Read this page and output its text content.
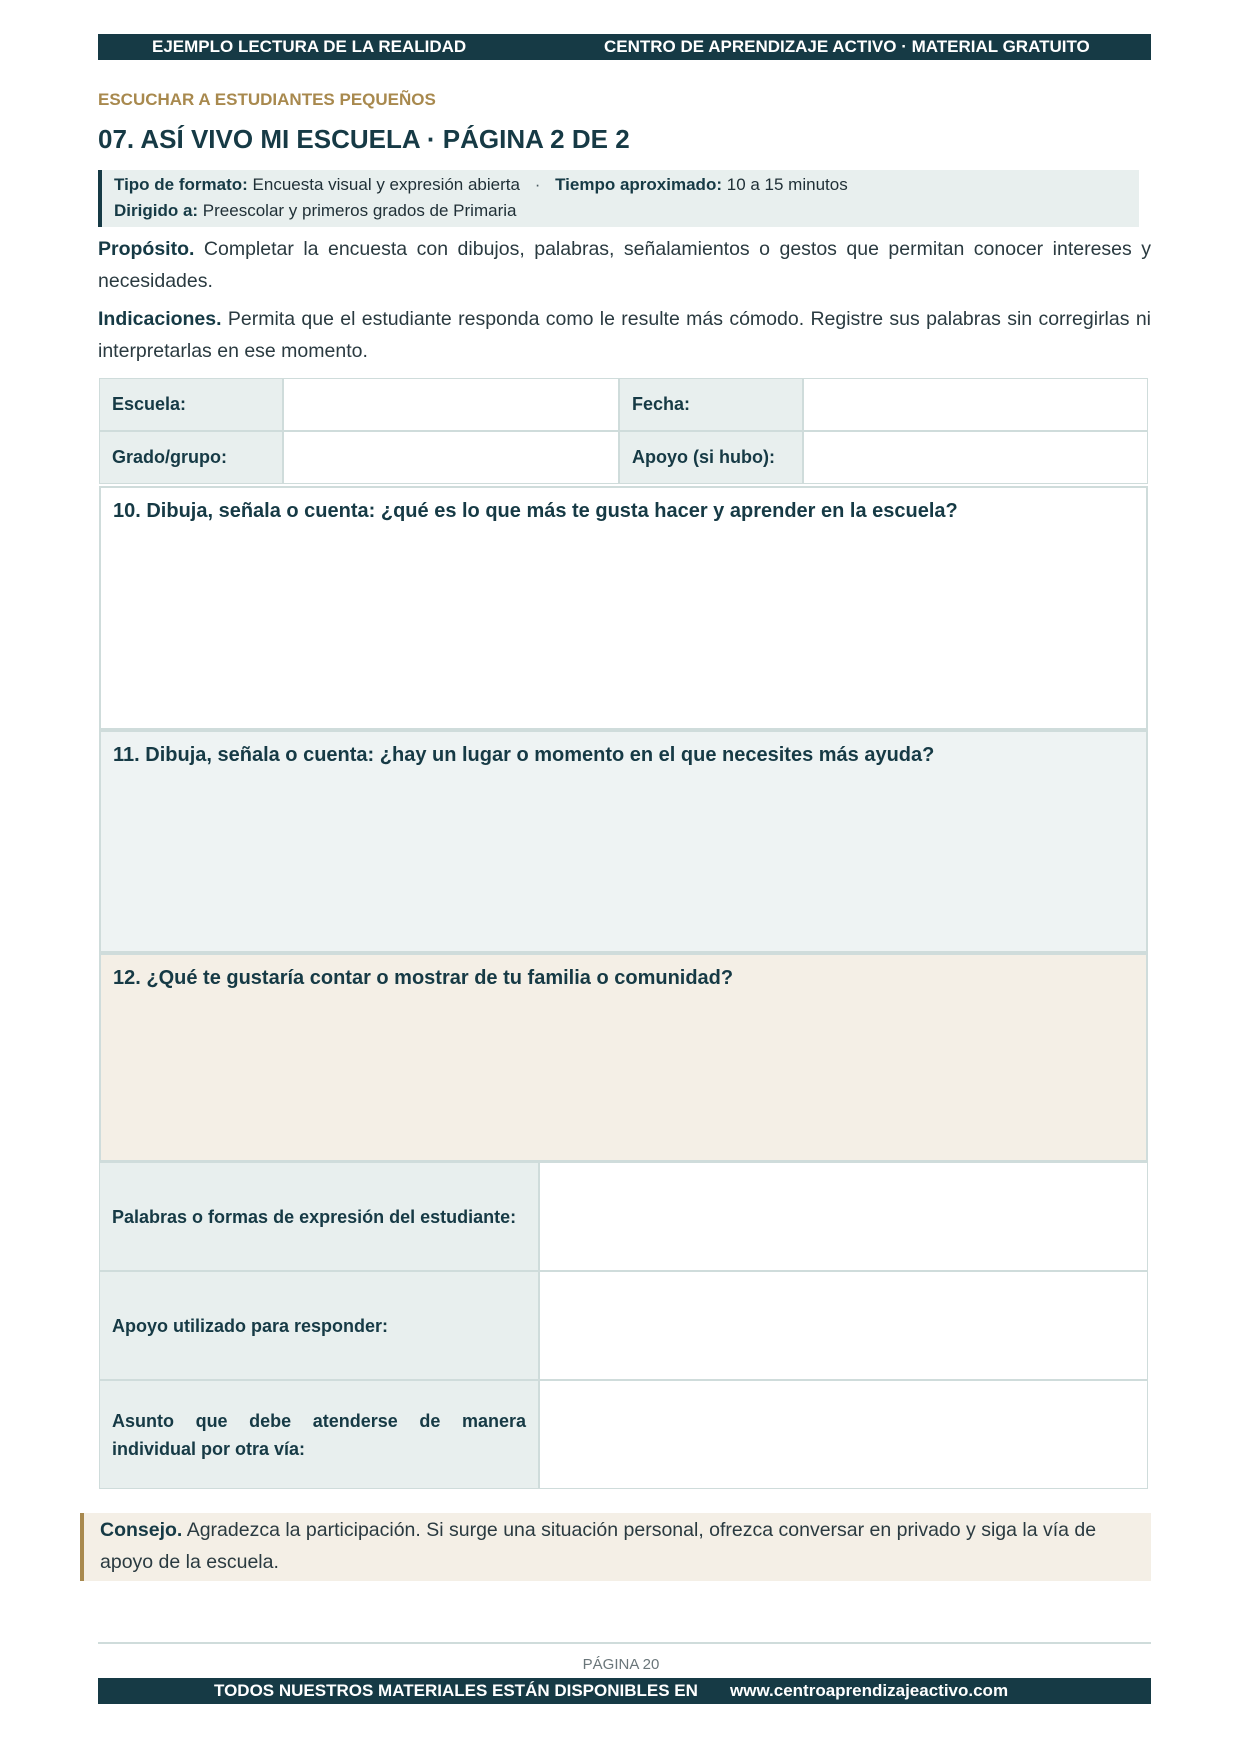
EJEMPLO LECTURA DE LA REALIDAD	CENTRO DE APRENDIZAJE ACTIVO · MATERIAL GRATUITO
ESCUCHAR A ESTUDIANTES PEQUEÑOS
07. ASÍ VIVO MI ESCUELA · PÁGINA 2 DE 2
Tipo de formato: Encuesta visual y expresión abierta · Tiempo aproximado: 10 a 15 minutos
Dirigido a: Preescolar y primeros grados de Primaria
Propósito. Completar la encuesta con dibujos, palabras, señalamientos o gestos que permitan conocer intereses y necesidades.
Indicaciones. Permita que el estudiante responda como le resulte más cómodo. Registre sus palabras sin corregirlas ni interpretarlas en ese momento.
Escuela:	Fecha:
Grado/grupo:	Apoyo (si hubo):
10. Dibuja, señala o cuenta: ¿qué es lo que más te gusta hacer y aprender en la escuela?
11. Dibuja, señala o cuenta: ¿hay un lugar o momento en el que necesites más ayuda?
12. ¿Qué te gustaría contar o mostrar de tu familia o comunidad?
Palabras o formas de expresión del estudiante:
Apoyo utilizado para responder:
Asunto que debe atenderse de manera individual por otra vía:
Consejo. Agradezca la participación. Si surge una situación personal, ofrezca conversar en privado y siga la vía de apoyo de la escuela.
PÁGINA 20
TODOS NUESTROS MATERIALES ESTÁN DISPONIBLES EN www.centroaprendizajeactivo.com
